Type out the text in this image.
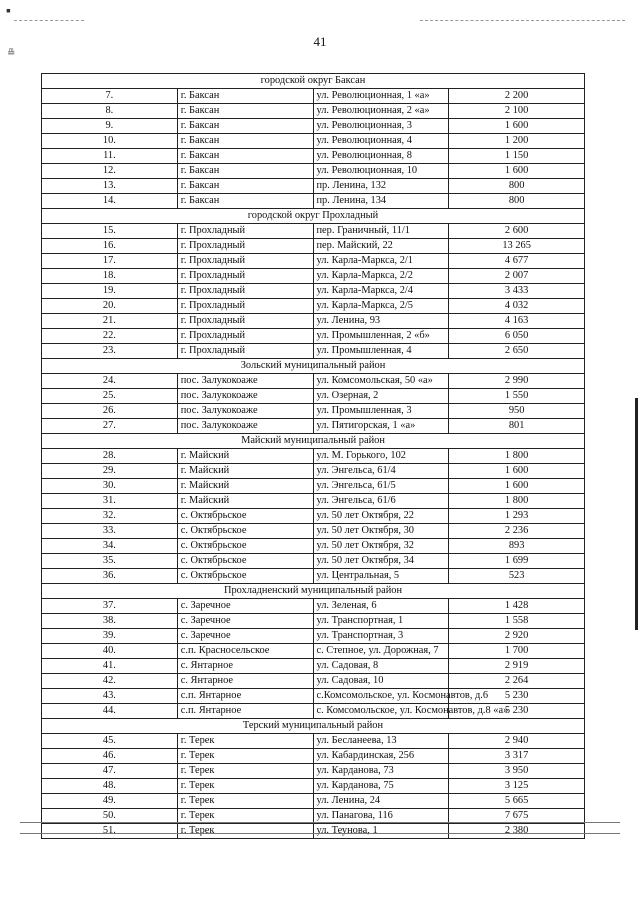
▪
≞
41
городской округ Баксан			
7.	г. Баксан	ул. Революционная, 1 «а»	2 200
8.	г. Баксан	ул. Революционная, 2 «а»	2 100
9.	г. Баксан	ул. Революционная, 3	1 600
10.	г. Баксан	ул. Революционная, 4	1 200
11.	г. Баксан	ул. Революционная, 8	1 150
12.	г. Баксан	ул. Революционная, 10	1 600
13.	г. Баксан	пр. Ленина, 132	800
14.	г. Баксан	пр. Ленина, 134	800
городской округ Прохладный			
15.	г. Прохладный	пер. Граничный, 11/1	2 600
16.	г. Прохладный	пер. Майский, 22	13 265
17.	г. Прохладный	ул. Карла-Маркса, 2/1	4 677
18.	г. Прохладный	ул. Карла-Маркса, 2/2	2 007
19.	г. Прохладный	ул. Карла-Маркса, 2/4	3 433
20.	г. Прохладный	ул. Карла-Маркса, 2/5	4 032
21.	г. Прохладный	ул. Ленина, 93	4 163
22.	г. Прохладный	ул. Промышленная, 2 «б»	6 050
23.	г. Прохладный	ул. Промышленная, 4	2 650
Зольский муниципальный район			
24.	пос. Залукокоаже	ул. Комсомольская, 50 «а»	2 990
25.	пос. Залукокоаже	ул. Озерная, 2	1 550
26.	пос. Залукокоаже	ул. Промышленная, 3	950
27.	пос. Залукокоаже	ул. Пятигорская, 1 «а»	801
Майский муниципальный район			
28.	г. Майский	ул. М. Горького, 102	1 800
29.	г. Майский	ул. Энгельса, 61/4	1 600
30.	г. Майский	ул. Энгельса, 61/5	1 600
31.	г. Майский	ул. Энгельса, 61/6	1 800
32.	с. Октябрьское	ул. 50 лет Октября, 22	1 293
33.	с. Октябрьское	ул. 50 лет Октября, 30	2 236
34.	с. Октябрьское	ул. 50 лет Октября, 32	893
35.	с. Октябрьское	ул. 50 лет Октября, 34	1 699
36.	с. Октябрьское	ул. Центральная, 5	523
Прохладненский муниципальный район			
37.	с. Заречное	ул. Зеленая, 6	1 428
38.	с. Заречное	ул. Транспортная, 1	1 558
39.	с. Заречное	ул. Транспортная, 3	2 920
40.	с.п. Красносельское	с. Степное, ул. Дорожная, 7	1 700
41.	с. Янтарное	ул. Садовая, 8	2 919
42.	с. Янтарное	ул. Садовая, 10	2 264
43.	с.п. Янтарное	с.Комсомольское, ул. Космонавтов, д.6	5 230
44.	с.п. Янтарное	с. Комсомольское, ул. Космонавтов, д.8 «а»	5 230
Терский муниципальный район			
45.	г. Терек	ул. Бесланеева, 13	2 940
46.	г. Терек	ул. Кабардинская, 256	3 317
47.	г. Терек	ул. Карданова, 73	3 950
48.	г. Терек	ул. Карданова, 75	3 125
49.	г. Терек	ул. Ленина, 24	5 665
50.	г. Терек	ул. Панагова, 116	7 675
51.	г. Терек	ул. Теунова, 1	2 380
